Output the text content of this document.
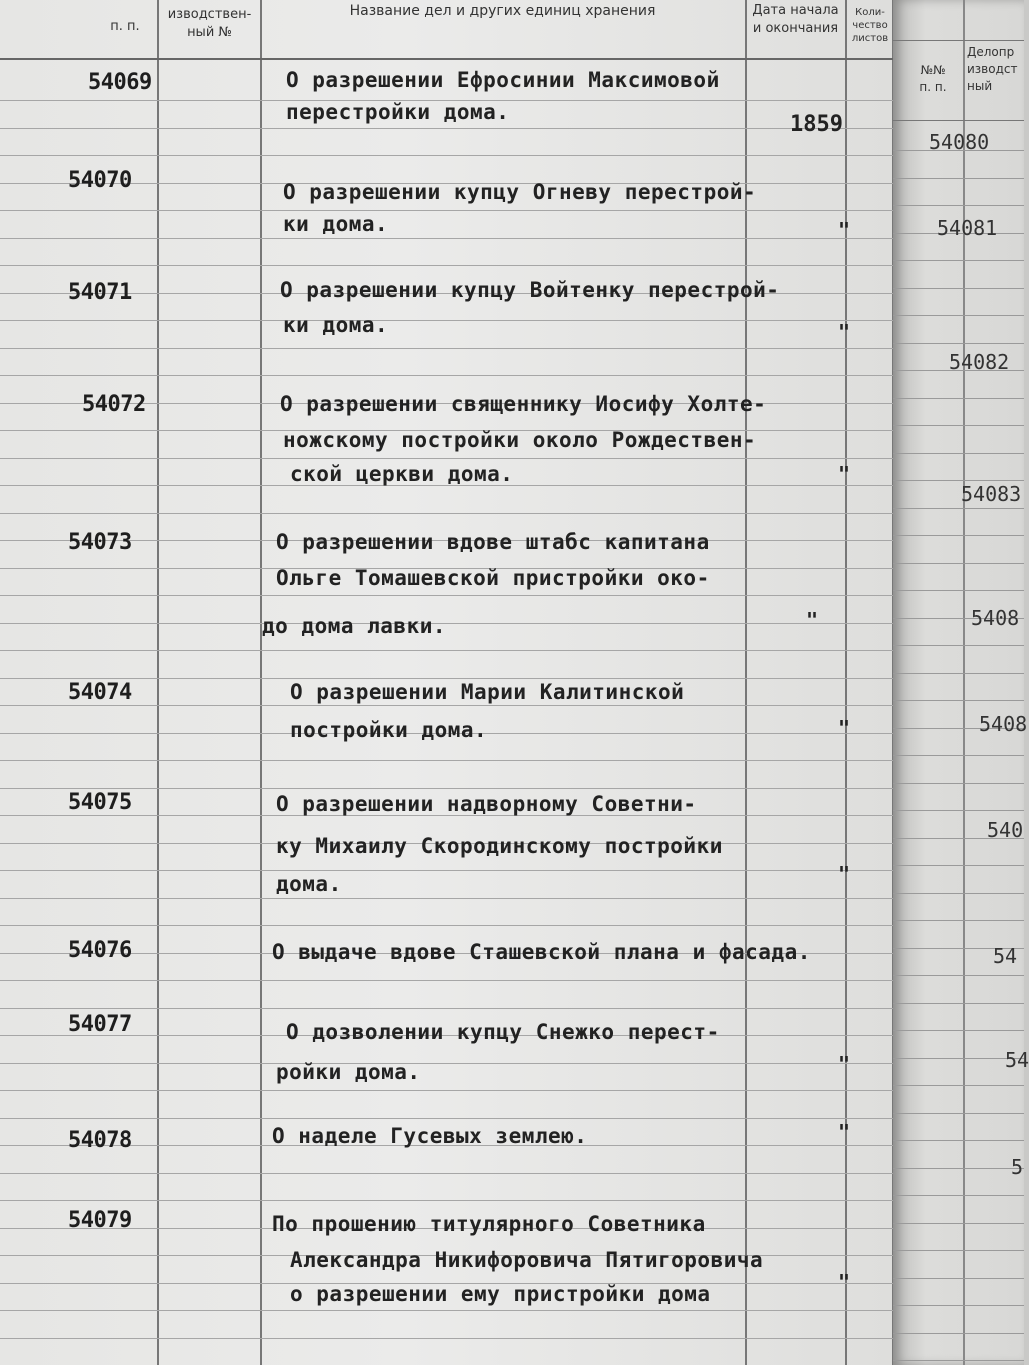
п. п.
изводствен-
ный №
Название дел и других единиц хранения	Дата начала
и окончания
Коли-
чество
листов
54069	О разрешении Ефросинии Максимовой
перестройки дома.	1859
54070	О разрешении купцу Огневу перестрой-
ки дома.	"
54071	О разрешении купцу Войтенку перестрой-
ки дома.	"
54072	О разрешении священнику Иосифу Холте-
ножскому постройки около Рождествен-
ской церкви дома.	"
54073	О разрешении вдове штабс капитана
Ольге Томашевской пристройки око-
до дома лавки.	"
54074	О разрешении Марии Калитинской
постройки дома.	"
54075	О разрешении надворному Советни-
ку Михаилу Скородинскому постройки
дома.	"
54076	О выдаче вдове Сташевской плана и фасада.
54077	О дозволении купцу Снежко перест-
ройки дома.	"
54078	О наделе Гусевых землею.	"
54079	По прошению титулярного Советника
Александра Никифоровича Пятигоровича
о разрешении ему пристройки дома	"
№№
п. п.
Делопр
изводст
ный
54080
54081
54082
54083
5408
5408
540
54
54
5
